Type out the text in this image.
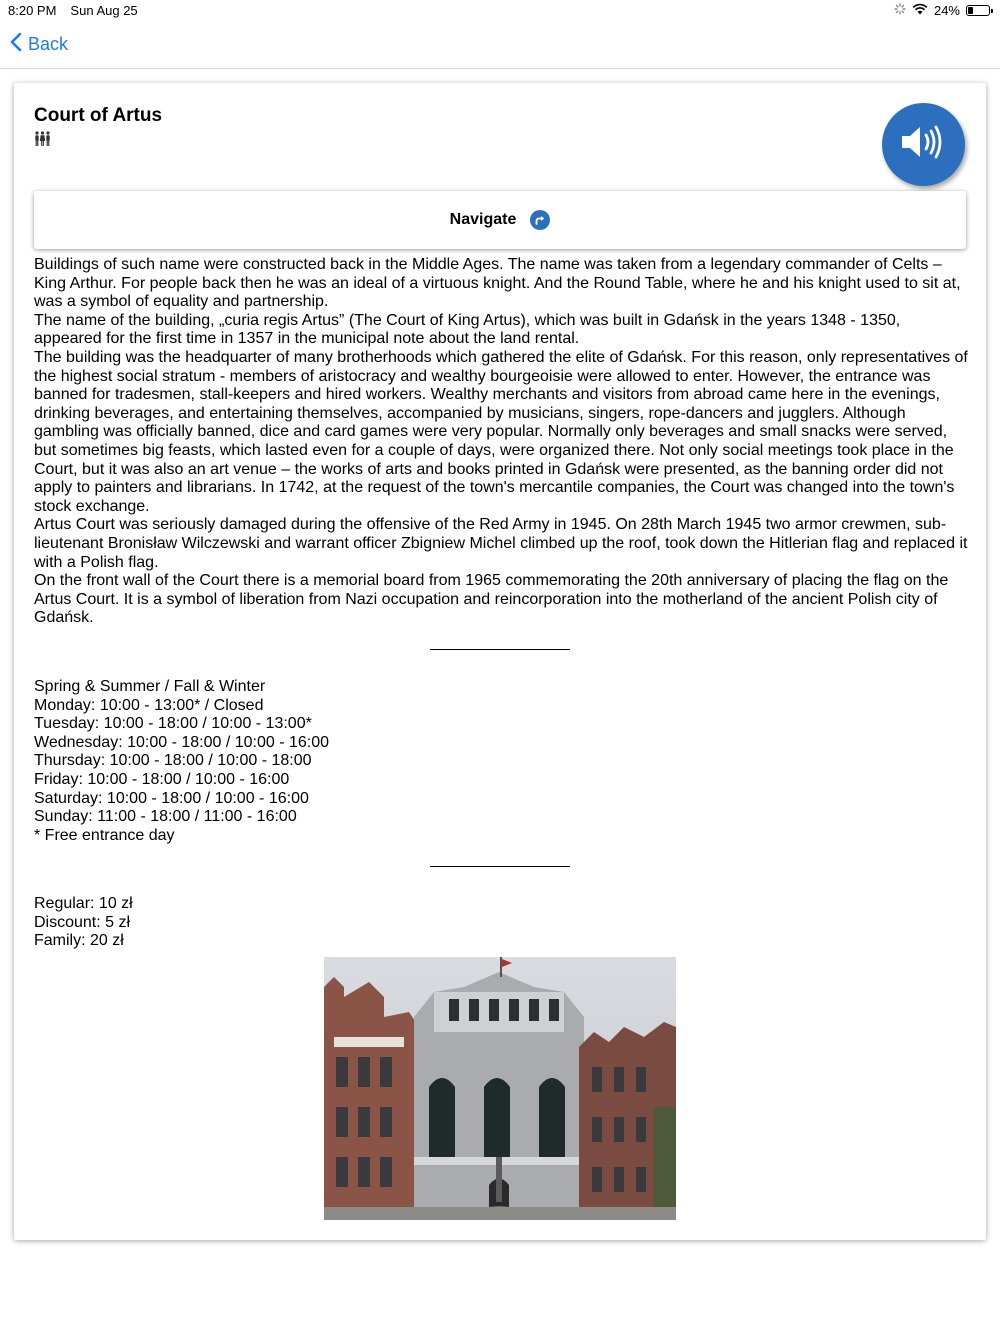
8:20 PM Sun Aug 25	24%
Back
Court of Artus
Navigate

Buildings of such name were constructed back in the Middle Ages. The name was taken from a legendary commander of Celts – King Arthur. For people back then he was an ideal of a virtuous knight. And the Round Table, where he and his knight used to sit at, was a symbol of equality and partnership.

The name of the building, „curia regis Artus” (The Court of King Artus), which was built in Gdańsk in the years 1348 - 1350, appeared for the first time in 1357 in the municipal note about the land rental.

The building was the headquarter of many brotherhoods which gathered the elite of Gdańsk. For this reason, only representatives of the highest social stratum - members of aristocracy and wealthy bourgeoisie were allowed to enter. However, the entrance was banned for tradesmen, stall-keepers and hired workers. Wealthy merchants and visitors from abroad came here in the evenings, drinking beverages, and entertaining themselves, accompanied by musicians, singers, rope-dancers and jugglers. Although gambling was officially banned, dice and card games were very popular. Normally only beverages and small snacks were served, but sometimes big feasts, which lasted even for a couple of days, were organized there. Not only social meetings took place in the Court, but it was also an art venue – the works of arts and books printed in Gdańsk were presented, as the banning order did not apply to painters and librarians. In 1742, at the request of the town's mercantile companies, the Court was changed into the town's stock exchange.

Artus Court was seriously damaged during the offensive of the Red Army in 1945. On 28th March 1945 two armor crewmen, sub-lieutenant Bronisław Wilczewski and warrant officer Zbigniew Michel climbed up the roof, took down the Hitlerian flag and replaced it with a Polish flag.

On the front wall of the Court there is a memorial board from 1965 commemorating the 20th anniversary of placing the flag on the Artus Court. It is a symbol of liberation from Nazi occupation and reincorporation into the motherland of the ancient Polish city of Gdańsk.

Spring & Summer / Fall & Winter
Monday: 10:00 - 13:00* / Closed
Tuesday: 10:00 - 18:00 / 10:00 - 13:00*
Wednesday: 10:00 - 18:00 / 10:00 - 16:00
Thursday: 10:00 - 18:00 / 10:00 - 18:00
Friday: 10:00 - 18:00 / 10:00 - 16:00
Saturday: 10:00 - 18:00 / 10:00 - 16:00
Sunday: 11:00 - 18:00 / 11:00 - 16:00
* Free entrance day
Regular: 10 zł
Discount: 5 zł
Family: 20 zł
